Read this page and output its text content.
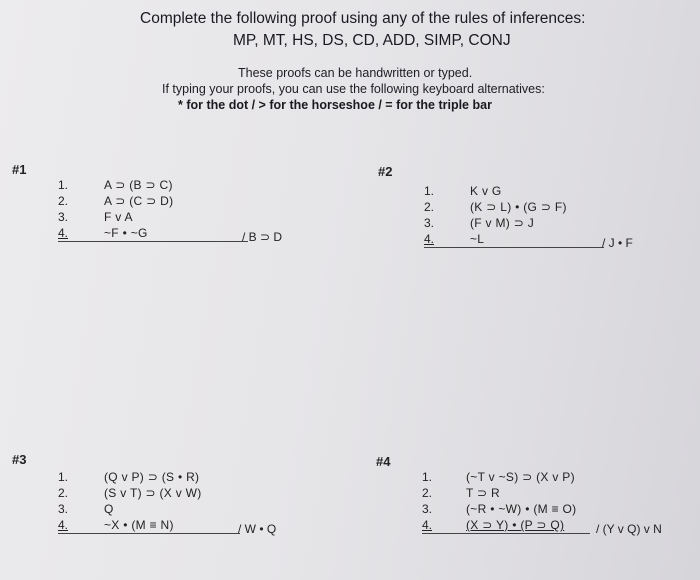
Complete the following proof using any of the rules of inferences:
MP, MT, HS, DS, CD, ADD, SIMP, CONJ
These proofs can be handwritten or typed.
If typing your proofs, you can use the following keyboard alternatives:
* for the dot / > for the horseshoe / = for the triple bar
#1
1.	A ⊃ (B ⊃ C)
2.	A ⊃ (C ⊃ D)
3.	F v A
4.	~F • ~G	/ B ⊃ D
#2
1.	K v G
2.	(K ⊃ L) • (G ⊃ F)
3.	(F v M) ⊃ J
4.	~L	/ J • F
#3
1.	(Q v P) ⊃ (S • R)
2.	(S v T) ⊃ (X v W)
3.	Q
4.	~X • (M ≡ N)	/ W • Q
#4
1.	(~T v ~S) ⊃ (X v P)
2.	T ⊃ R
3.	(~R • ~W) • (M ≡ O)
4.	(X ⊃ Y) • (P ⊃ Q)	/ (Y v Q) v N
